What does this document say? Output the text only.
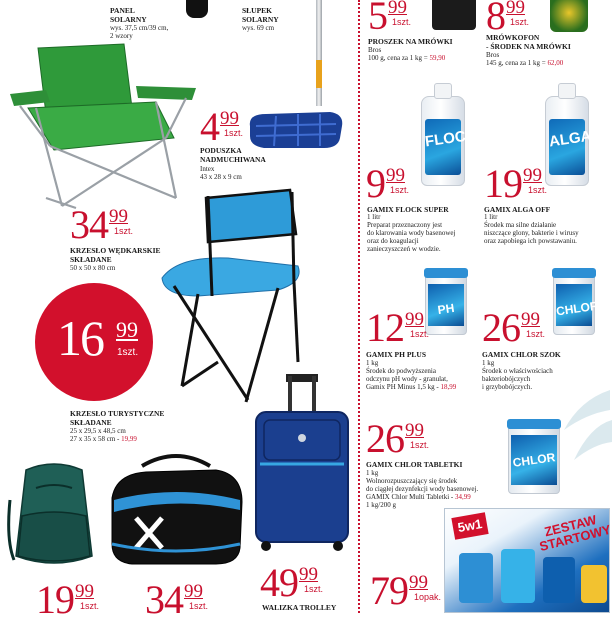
PANEL
SOLARNY
wys. 37,5 cm/39 cm,
2 wzory
SŁUPEK
SOLARNY
wys. 69 cm
499
1szt.
PODUSZKA
NADMUCHIWANA
Intex
43 x 28 x 9 cm
3499
1szt.
KRZESŁO WĘDKARSKIE
SKŁADANE
50 x 50 x 80 cm
16 99
1szt.
KRZESŁO TURYSTYCZNE
SKŁADANE
25 x 29,5 x 48,5 cm
27 x 35 x 58 cm - 19,99
1999
1szt. 3499
1szt.
4999
1szt.
WALIZKA TROLLEY
599
1szt. 899
1szt.
PROSZEK NA MRÓWKI
Bros
100 g, cena za 1 kg = 59,90
MRÓWKOFON
- ŚRODEK NA MRÓWKI
Bros
145 g, cena za 1 kg = 62,00
FLOCK	ALGA
999
1szt. 1999
1szt.
GAMIX FLOCK SUPER
1 litr
Preparat przeznaczony jest
do klarowania wody basenowej
oraz do koagulacji
zanieczyszczeń w wodzie.
GAMIX ALGA OFF
1 litr
Środek ma silne działanie
niszczące glony, bakterie i wirusy
oraz zapobiega ich powstawaniu.
PH	CHLOR
1299
1szt. 2699
1szt.
GAMIX PH PLUS
1 kg
Środek do podwyższenia
odczynu pH wody - granulat,
Gamix PH Minus 1,5 kg - 18,99
GAMIX CHLOR SZOK
1 kg
Środek o właściwościach
bakteriobójczych
i grzybobójczych.
2699
1szt.
CHLOR
GAMIX CHLOR TABLETKI
1 kg
Wolnorozpuszczający się środek
do ciągłej dezynfekcji wody basenowej.
GAMIX Chlor Multi Tabletki - 34,99
1 kg/200 g
7999
1opak.
5w1	ZESTAW STARTOWY
